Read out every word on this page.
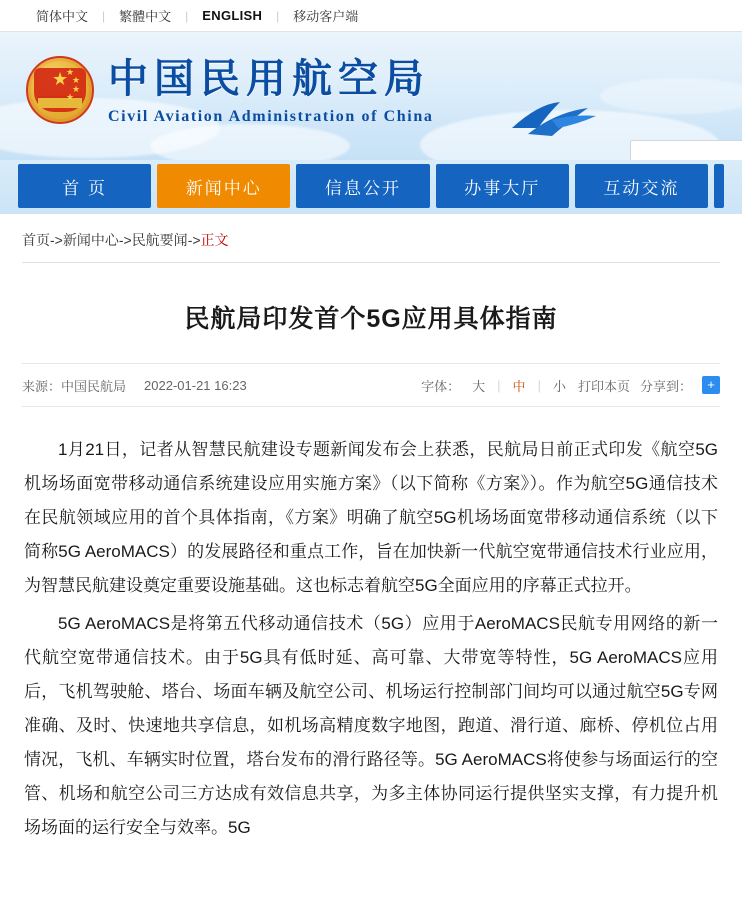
简体中文	|	繁體中文	|	ENGLISH	|	移动客户端
★
★
★
★
★ 中国民用航空局
Civil Aviation Administration of China
首 页	新闻中心	信息公开	办事大厅	互动交流
首页->新闻中心->民航要闻->正文
民航局印发首个5G应用具体指南
来源：中国民航局 2022-01-21 16:23	字体： 大 | 中 | 小 打印本页 分享到：	+

1月21日，记者从智慧民航建设专题新闻发布会上获悉，民航局日前正式印发《航空5G机场场面宽带移动通信系统建设应用实施方案》（以下简称《方案》）。作为航空5G通信技术在民航领域应用的首个具体指南，《方案》明确了航空5G机场场面宽带移动通信系统（以下简称5G AeroMACS）的发展路径和重点工作，旨在加快新一代航空宽带通信技术行业应用，为智慧民航建设奠定重要设施基础。这也标志着航空5G全面应用的序幕正式拉开。

5G AeroMACS是将第五代移动通信技术（5G）应用于AeroMACS民航专用网络的新一代航空宽带通信技术。由于5G具有低时延、高可靠、大带宽等特性，5G AeroMACS应用后，飞机驾驶舱、塔台、场面车辆及航空公司、机场运行控制部门间均可以通过航空5G专网准确、及时、快速地共享信息，如机场高精度数字地图，跑道、滑行道、廊桥、停机位占用情况，飞机、车辆实时位置，塔台发布的滑行路径等。5G AeroMACS将使参与场面运行的空管、机场和航空公司三方达成有效信息共享，为多主体协同运行提供坚实支撑，有力提升机场场面的运行安全与效率。5G
